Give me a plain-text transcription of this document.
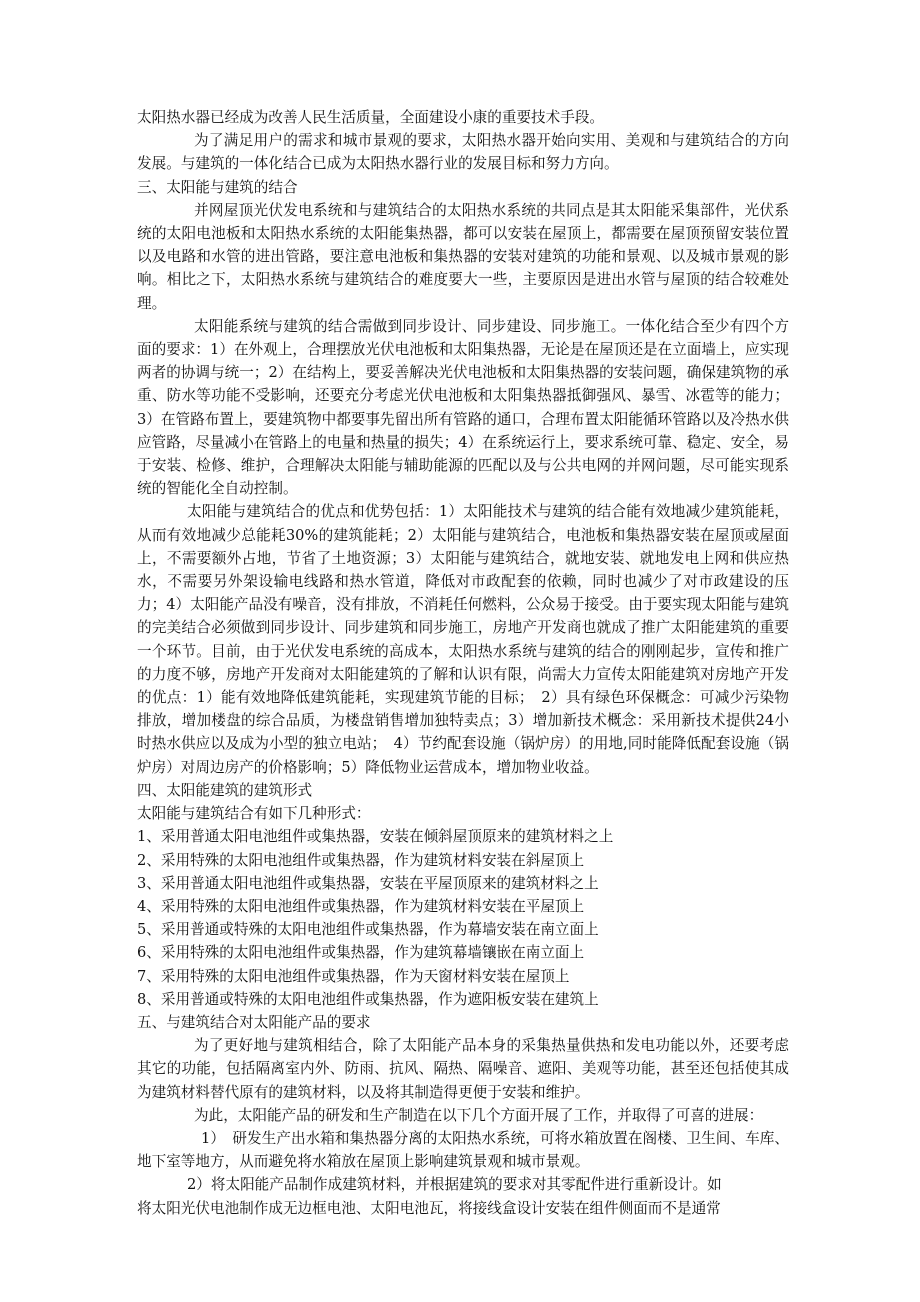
太阳热水器已经成为改善人民生活质量，全面建设小康的重要技术手段。

为了满足用户的需求和城市景观的要求，太阳热水器开始向实用、美观和与建筑结合的方向发展。与建筑的一体化结合已成为太阳热水器行业的发展目标和努力方向。

三、太阳能与建筑的结合

并网屋顶光伏发电系统和与建筑结合的太阳热水系统的共同点是其太阳能采集部件，光伏系统的太阳电池板和太阳热水系统的太阳能集热器，都可以安装在屋顶上，都需要在屋顶预留安装位置以及电路和水管的进出管路，要注意电池板和集热器的安装对建筑的功能和景观、以及城市景观的影响。相比之下，太阳热水系统与建筑结合的难度要大一些，主要原因是进出水管与屋顶的结合较难处理。

太阳能系统与建筑的结合需做到同步设计、同步建设、同步施工。一体化结合至少有四个方面的要求：1）在外观上，合理摆放光伏电池板和太阳集热器，无论是在屋顶还是在立面墙上，应实现两者的协调与统一；2）在结构上，要妥善解决光伏电池板和太阳集热器的安装问题，确保建筑物的承重、防水等功能不受影响，还要充分考虑光伏电池板和太阳集热器抵御强风、暴雪、冰雹等的能力；3）在管路布置上，要建筑物中都要事先留出所有管路的通口，合理布置太阳能循环管路以及冷热水供应管路，尽量减小在管路上的电量和热量的损失；4）在系统运行上，要求系统可靠、稳定、安全，易于安装、检修、维护，合理解决太阳能与辅助能源的匹配以及与公共电网的并网问题，尽可能实现系统的智能化全自动控制。

太阳能与建筑结合的优点和优势包括：1）太阳能技术与建筑的结合能有效地减少建筑能耗，从而有效地减少总能耗30%的建筑能耗；2）太阳能与建筑结合，电池板和集热器安装在屋顶或屋面上，不需要额外占地，节省了土地资源；3）太阳能与建筑结合，就地安装、就地发电上网和供应热水，不需要另外架设输电线路和热水管道，降低对市政配套的依赖，同时也减少了对市政建设的压力；4）太阳能产品没有噪音，没有排放，不消耗任何燃料，公众易于接受。由于要实现太阳能与建筑的完美结合必须做到同步设计、同步建筑和同步施工，房地产开发商也就成了推广太阳能建筑的重要一个环节。目前，由于光伏发电系统的高成本，太阳热水系统与建筑的结合的刚刚起步，宣传和推广的力度不够，房地产开发商对太阳能建筑的了解和认识有限，尚需大力宣传太阳能建筑对房地产开发的优点：1）能有效地降低建筑能耗，实现建筑节能的目标；　2）具有绿色环保概念：可减少污染物排放，增加楼盘的综合品质，为楼盘销售增加独特卖点；3）增加新技术概念：采用新技术提供24小时热水供应以及成为小型的独立电站；　4）节约配套设施（锅炉房）的用地,同时能降低配套设施（锅炉房）对周边房产的价格影响；5）降低物业运营成本，增加物业收益。

四、太阳能建筑的建筑形式

太阳能与建筑结合有如下几种形式：

1、采用普通太阳电池组件或集热器，安装在倾斜屋顶原来的建筑材料之上

2、采用特殊的太阳电池组件或集热器，作为建筑材料安装在斜屋顶上

3、采用普通太阳电池组件或集热器，安装在平屋顶原来的建筑材料之上

4、采用特殊的太阳电池组件或集热器，作为建筑材料安装在平屋顶上

5、采用普通或特殊的太阳电池组件或集热器，作为幕墙安装在南立面上

6、采用特殊的太阳电池组件或集热器，作为建筑幕墙镶嵌在南立面上

7、采用特殊的太阳电池组件或集热器，作为天窗材料安装在屋顶上

8、采用普通或特殊的太阳电池组件或集热器，作为遮阳板安装在建筑上

五、与建筑结合对太阳能产品的要求

为了更好地与建筑相结合，除了太阳能产品本身的采集热量供热和发电功能以外，还要考虑其它的功能，包括隔离室内外、防雨、抗风、隔热、隔噪音、遮阳、美观等功能，甚至还包括使其成为建筑材料替代原有的建筑材料，以及将其制造得更便于安装和维护。

为此，太阳能产品的研发和生产制造在以下几个方面开展了工作，并取得了可喜的进展：

1）　研发生产出水箱和集热器分离的太阳热水系统，可将水箱放置在阁楼、卫生间、车库、地下室等地方，从而避免将水箱放在屋顶上影响建筑景观和城市景观。

2）将太阳能产品制作成建筑材料，并根据建筑的要求对其零配件进行重新设计。如

将太阳光伏电池制作成无边框电池、太阳电池瓦，将接线盒设计安装在组件侧面而不是通常
